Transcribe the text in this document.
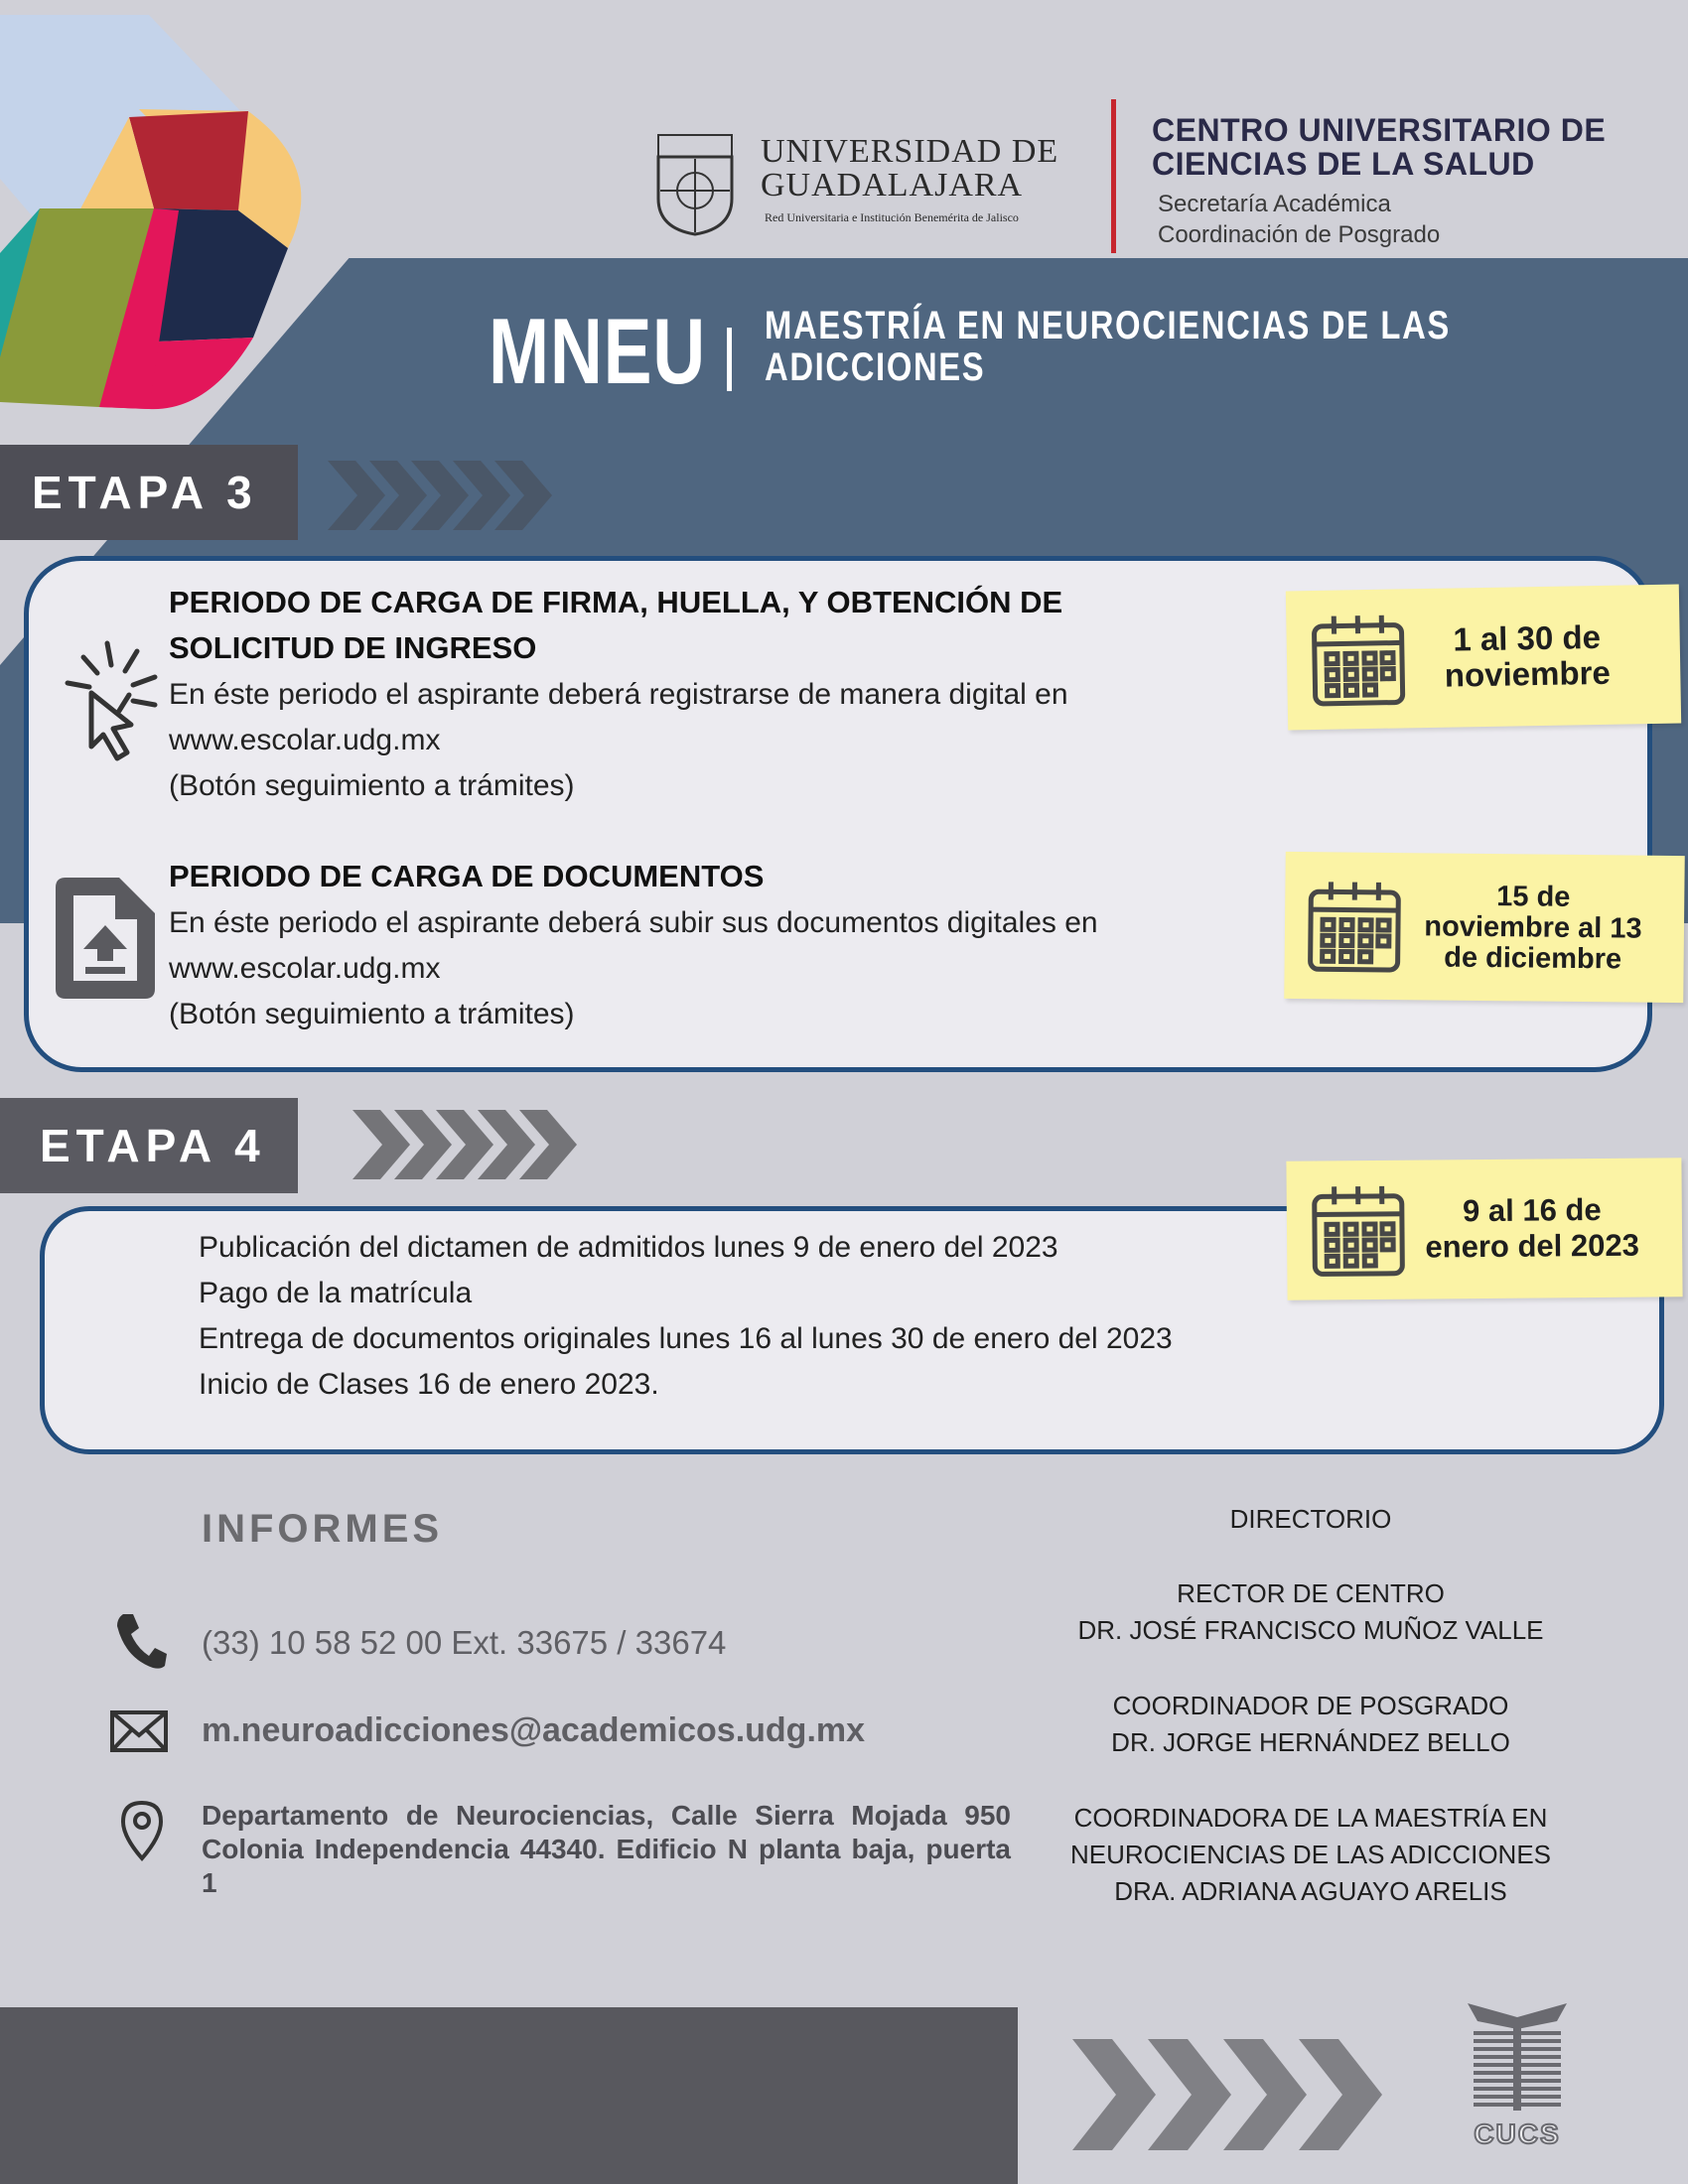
UNIVERSIDAD DE
GUADALAJARA
Red Universitaria e Institución Benemérita de Jalisco
CENTRO UNIVERSITARIO DE
CIENCIAS DE LA SALUD
Secretaría Académica
Coordinación de Posgrado
MNEU MAESTRÍA EN NEUROCIENCIAS DE LAS
ADICCIONES
ETAPA 3
PERIODO DE CARGA DE FIRMA, HUELLA, Y OBTENCIÓN DE
SOLICITUD DE INGRESO
En éste periodo el aspirante deberá registrarse de manera digital en
www.escolar.udg.mx
(Botón seguimiento a trámites)
1 al 30 de
noviembre
PERIODO DE CARGA DE DOCUMENTOS
En éste periodo el aspirante deberá subir sus documentos digitales en
www.escolar.udg.mx
(Botón seguimiento a trámites)
15 de
noviembre al 13
de diciembre
ETAPA 4
Publicación del dictamen de admitidos lunes 9 de enero del 2023
Pago de la matrícula
Entrega de documentos originales lunes 16 al lunes 30 de enero del 2023
Inicio de Clases 16 de enero 2023.
9 al 16 de
enero del 2023
INFORMES
(33) 10 58 52 00 Ext. 33675 / 33674
m.neuroadicciones@academicos.udg.mx
Departamento de Neurociencias, Calle Sierra Mojada 950 Colonia Independencia 44340. Edificio N planta baja, puerta 1
DIRECTORIO
RECTOR DE CENTRO
DR. JOSÉ FRANCISCO MUÑOZ VALLE
COORDINADOR DE POSGRADO
DR. JORGE HERNÁNDEZ BELLO
COORDINADORA DE LA MAESTRÍA EN
NEUROCIENCIAS DE LAS ADICCIONES
DRA. ADRIANA AGUAYO ARELIS
CUCS
